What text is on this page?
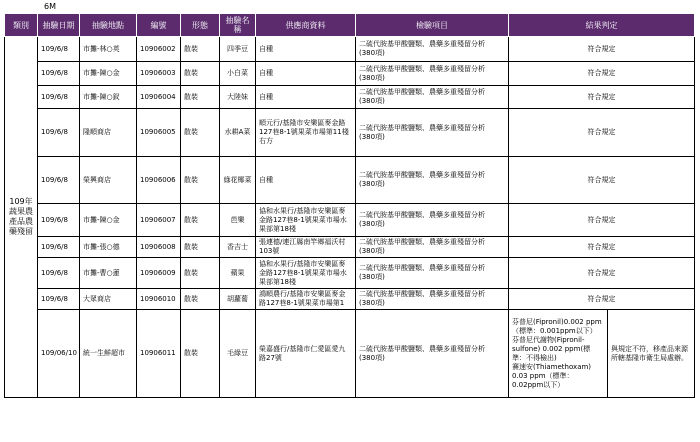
6M
類別	抽驗日期	抽驗地點	編號	形態	抽驗名稱	供應商資料	檢驗項目	結果判定	
109年
蔬果農產品農藥殘留	109/6/8	市攤-林○英	10906002	散裝	四季豆	自種	二硫代胺基甲酸鹽類、農藥多重殘留分析
(380項)	符合規定	
	109/6/8	市攤-陳○金	10906003	散裝	小白菜	自種	二硫代胺基甲酸鹽類、農藥多重殘留分析
(380項)	符合規定	
	109/6/8	市攤-陳○釵	10906004	散裝	大陸妹	自種	二硫代胺基甲酸鹽類、農藥多重殘留分析
(380項)	符合規定	
	109/6/8	隆順商店	10906005	散裝	水耕A菜	順元行/基隆市安樂區麥金路127巷8-1號果菜市場第11棧右方	二硫代胺基甲酸鹽類、農藥多重殘留分析
(380項)	符合規定	
	109/6/8	榮興商店	10906006	散裝	綠花椰菜	自種	二硫代胺基甲酸鹽類、農藥多重殘留分析
(380項)	符合規定	
	109/6/8	市攤-陳○金	10906007	散裝	芭樂	協和水果行/基隆市安樂區麥金路127巷8-1號果菜市場水果部第18棧	二硫代胺基甲酸鹽類、農藥多重殘留分析
(380項)	符合規定	
	109/6/8	市攤-張○德	10906008	散裝	香吉士	張連德/連江縣南竿鄉福沃村103號	二硫代胺基甲酸鹽類、農藥多重殘留分析
(380項)	符合規定	
	109/6/8	市攤-曹○蓮	10906009	散裝	蘋果	協和水果行/基隆市安樂區麥金路127巷8-1號果菜市場水果部第18棧	二硫代胺基甲酸鹽類、農藥多重殘留分析
(380項)	符合規定	
	109/6/8	大眾商店	10906010	散裝	胡蘿蔔	鴻順農行/基隆市安樂區麥金路127巷8-1號果菜市場第1	二硫代胺基甲酸鹽類、農藥多重殘留分析
(380項)	符合規定	
	109/06/10	統一生鮮超市	10906011	散裝	毛綠豆	榮嘉盛行/基隆市仁愛區愛九路27號	二硫代胺基甲酸鹽類、農藥多重殘留分析
(380項)	芬普尼(Fipronil)0.002 ppm（標準：0.001ppm以下）
芬普尼代謝物(Fipronil-sulfone) 0.002 ppm(標準：不得檢出)
賽速安(Thiamethoxam) 0.03 ppm（標準：0.02ppm以下）	與規定不符，移產品來源所轄基隆市衛生局處辦。
